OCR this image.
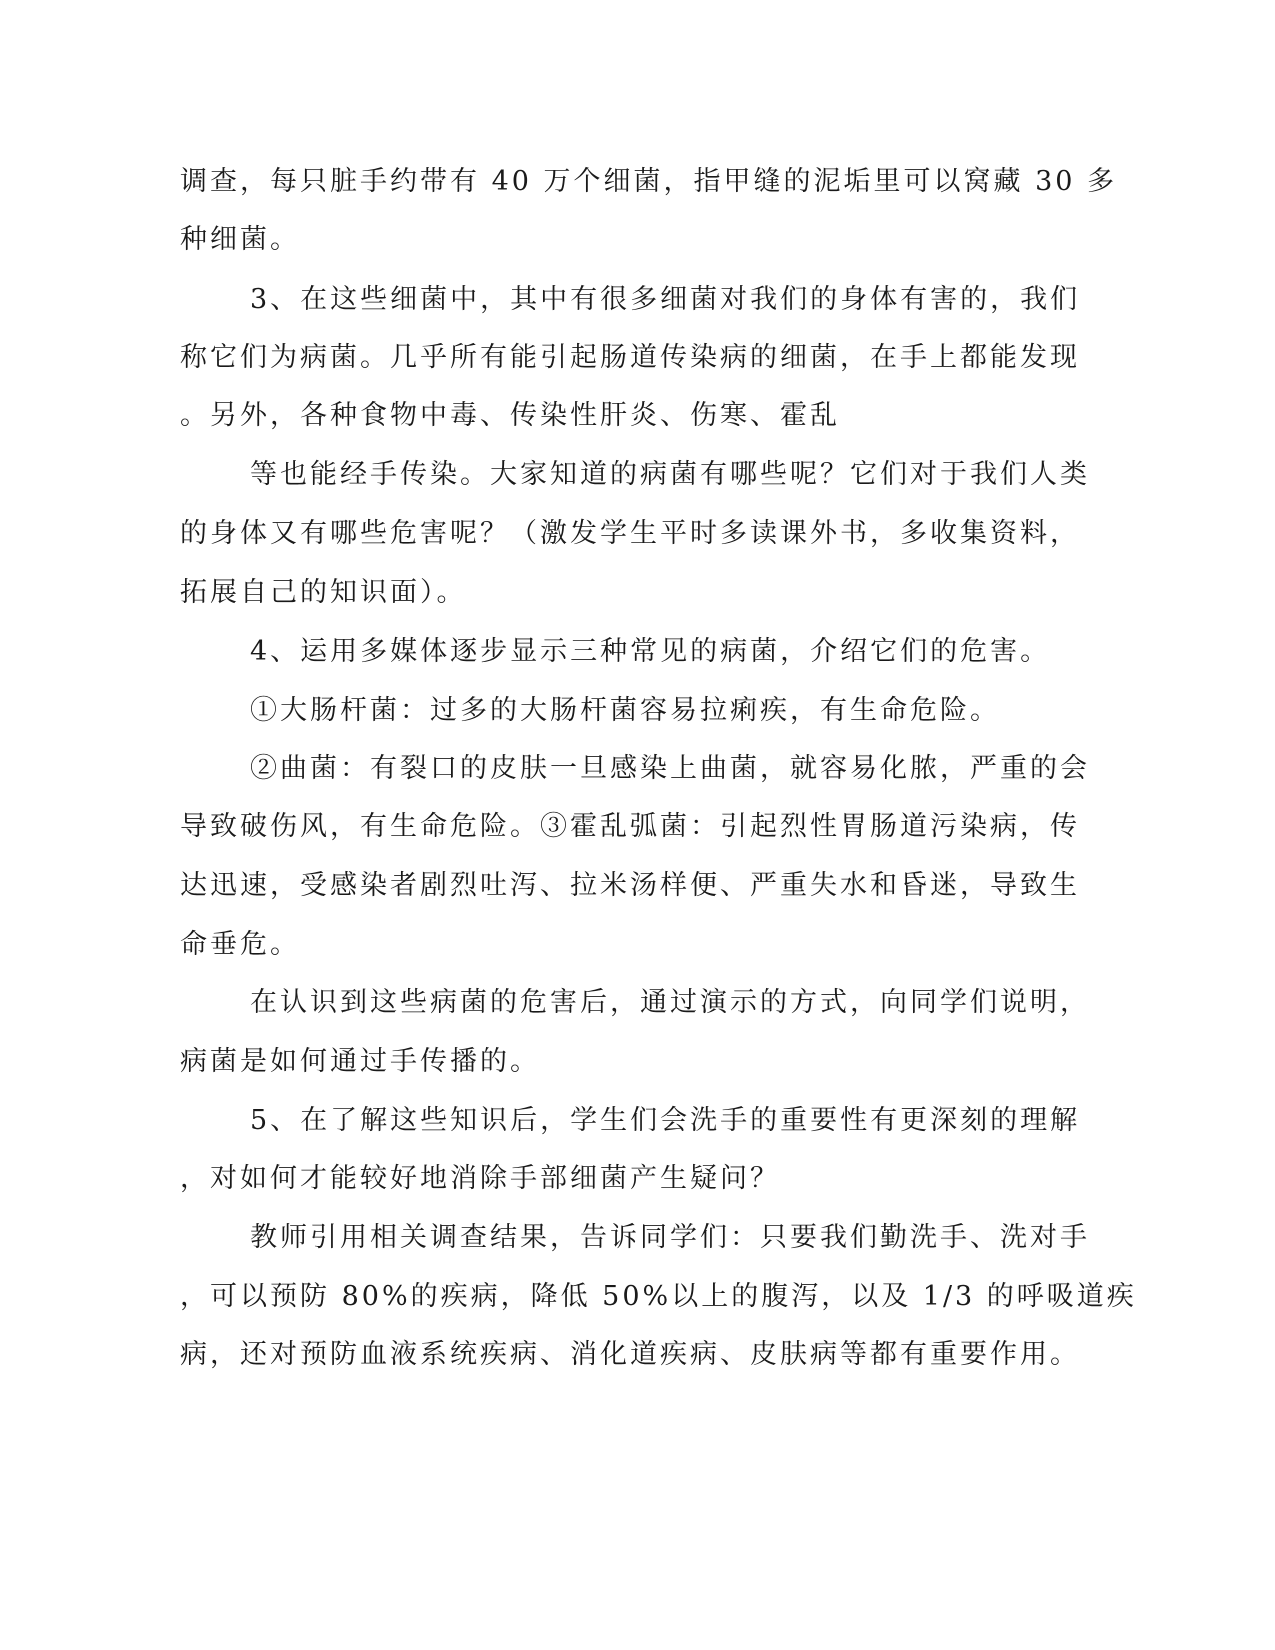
调查，每只脏手约带有 40 万个细菌，指甲缝的泥垢里可以窝藏 30 多
种细菌。
3、在这些细菌中，其中有很多细菌对我们的身体有害的，我们
称它们为病菌。几乎所有能引起肠道传染病的细菌，在手上都能发现
。另外，各种食物中毒、传染性肝炎、伤寒、霍乱
等也能经手传染。大家知道的病菌有哪些呢？它们对于我们人类
的身体又有哪些危害呢？（激发学生平时多读课外书，多收集资料，
拓展自己的知识面）。
4、运用多媒体逐步显示三种常见的病菌，介绍它们的危害。
①大肠杆菌：过多的大肠杆菌容易拉痢疾，有生命危险。
②曲菌：有裂口的皮肤一旦感染上曲菌，就容易化脓，严重的会
导致破伤风，有生命危险。③霍乱弧菌：引起烈性胃肠道污染病，传
达迅速，受感染者剧烈吐泻、拉米汤样便、严重失水和昏迷，导致生
命垂危。
在认识到这些病菌的危害后，通过演示的方式，向同学们说明，
病菌是如何通过手传播的。
5、在了解这些知识后，学生们会洗手的重要性有更深刻的理解
，对如何才能较好地消除手部细菌产生疑问？
教师引用相关调查结果，告诉同学们：只要我们勤洗手、洗对手
，可以预防 80%的疾病，降低 50%以上的腹泻，以及 1/3 的呼吸道疾
病，还对预防血液系统疾病、消化道疾病、皮肤病等都有重要作用。
